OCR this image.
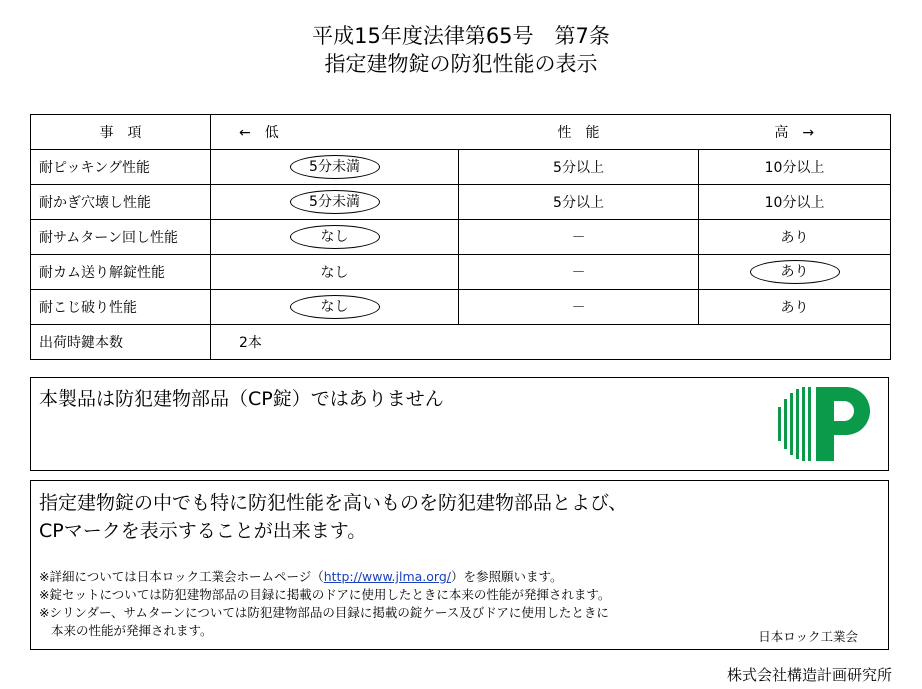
平成15年度法律第65号　第7条
指定建物錠の防犯性能の表示
事　項	←　低	性　能	高　→
耐ピッキング性能	5分未満	5分以上	10分以上
耐かぎ穴壊し性能	5分未満	5分以上	10分以上
耐サムターン回し性能	なし	－	あり
耐カム送り解錠性能	なし	－	あり
耐こじ破り性能	なし	－	あり
出荷時鍵本数	2本		
本製品は防犯建物部品（CP錠）ではありません
指定建物錠の中でも特に防犯性能を高いものを防犯建物部品とよび、
CPマークを表示することが出来ます。
※詳細については日本ロック工業会ホームページ（http://www.jlma.org/）を参照願います。
※錠セットについては防犯建物部品の目録に掲載のドアに使用したときに本来の性能が発揮されます。
※シリンダー、サムターンについては防犯建物部品の目録に掲載の錠ケース及びドアに使用したときに
本来の性能が発揮されます。	日本ロック工業会
株式会社構造計画研究所
